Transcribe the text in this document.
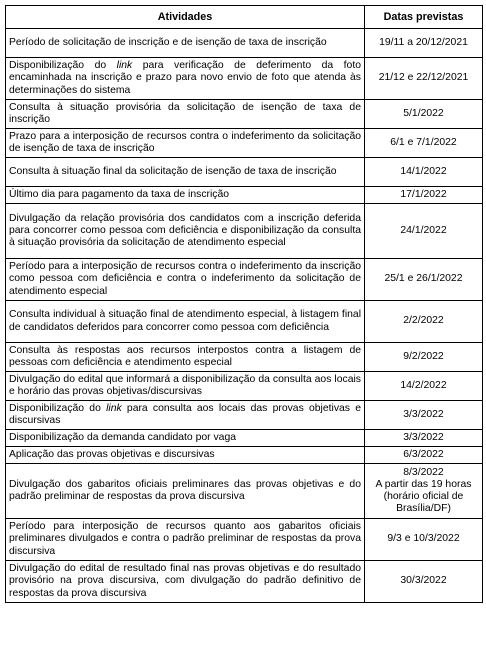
Atividades	Datas previstas
Período de solicitação de inscrição e de isenção de taxa de inscrição	19/11 a 20/12/2021

Disponibilização do link para verificação de deferimento da foto encaminhada na inscrição e prazo para novo envio de foto que atenda às determinações do sistema	21/12 e 22/12/2021

Consulta à situação provisória da solicitação de isenção de taxa de inscrição	5/1/2022

Prazo para a interposição de recursos contra o indeferimento da solicitação de isenção de taxa de inscrição	6/1 e 7/1/2022

Consulta à situação final da solicitação de isenção de taxa de inscrição	14/1/2022

Último dia para pagamento da taxa de inscrição	17/1/2022

Divulgação da relação provisória dos candidatos com a inscrição deferida para concorrer como pessoa com deficiência e disponibilização da consulta à situação provisória da solicitação de atendimento especial	24/1/2022

Período para a interposição de recursos contra o indeferimento da inscrição como pessoa com deficiência e contra o indeferimento da solicitação de atendimento especial	25/1 e 26/1/2022

Consulta individual à situação final de atendimento especial, à listagem final de candidatos deferidos para concorrer como pessoa com deficiência	2/2/2022

Consulta às respostas aos recursos interpostos contra a listagem de pessoas com deficiência e atendimento especial	9/2/2022

Divulgação do edital que informará a disponibilização da consulta aos locais e horário das provas objetivas/discursivas	14/2/2022

Disponibilização do link para consulta aos locais das provas objetivas e discursivas	3/3/2022

Disponibilização da demanda candidato por vaga	3/3/2022

Aplicação das provas objetivas e discursivas	6/3/2022

Divulgação dos gabaritos oficiais preliminares das provas objetivas e do padrão preliminar de respostas da prova discursiva	8/3/2022
A partir das 19 horas
(horário oficial de
Brasília/DF)

Período para interposição de recursos quanto aos gabaritos oficiais preliminares divulgados e contra o padrão preliminar de respostas da prova discursiva	9/3 e 10/3/2022

Divulgação do edital de resultado final nas provas objetivas e do resultado provisório na prova discursiva, com divulgação do padrão definitivo de respostas da prova discursiva	30/3/2022
